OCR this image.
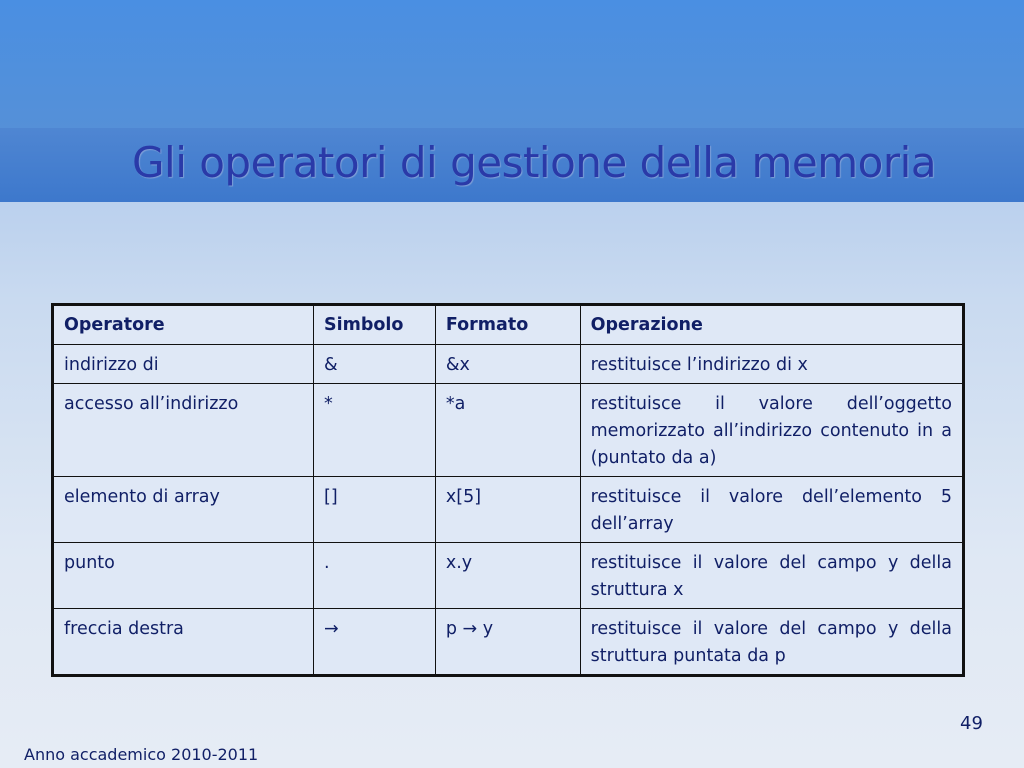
Gli operatori di gestione della memoria
Operatore	Simbolo	Formato	Operazione
indirizzo di	&	&x	restituisce l’indirizzo di x
accesso all’indirizzo	*	*a	restituisce il valore dell’oggetto memorizzato all’indirizzo contenuto in a (puntato da a)
elemento di array	[]	x[5]	restituisce il valore dell’elemento 5 dell’array
punto	.	x.y	restituisce il valore del campo y della struttura x
freccia destra	→	p → y	restituisce il valore del campo y della struttura puntata da p
49
Anno accademico 2010-2011
